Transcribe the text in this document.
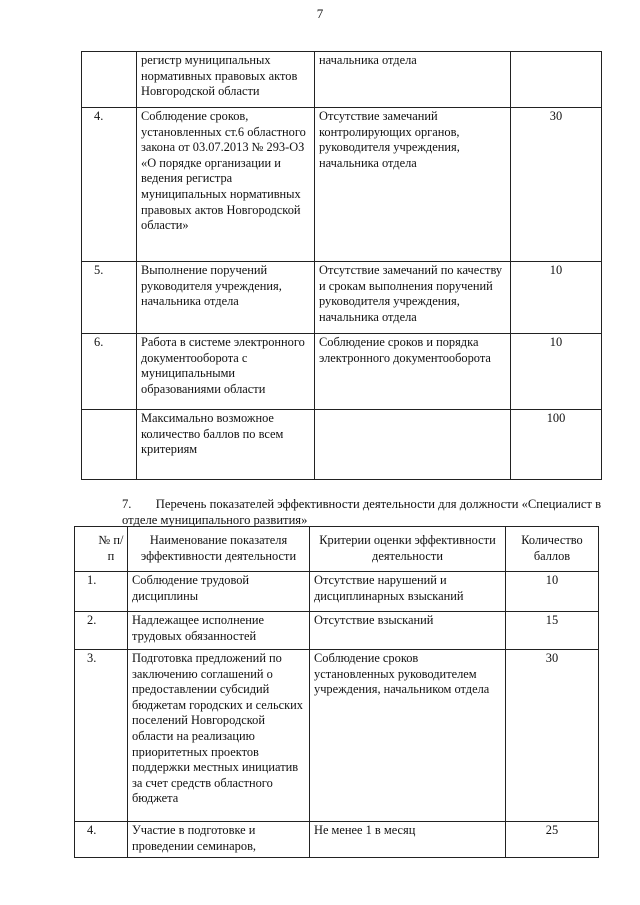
7
	регистр муниципальных нормативных правовых актов Новгородской области	начальника отдела	
4.	Соблюдение сроков, установленных ст.6 областного закона от 03.07.2013 № 293-ОЗ «О порядке организации и ведения регистра муниципальных нормативных правовых актов Новгородской области»	Отсутствие замечаний контролирующих органов, руководителя учреждения, начальника отдела	30
5.	Выполнение поручений руководителя учреждения, начальника отдела	Отсутствие замечаний по качеству и срокам выполнения поручений руководителя учреждения, начальника отдела	10
6.	Работа в системе электронного документооборота с муниципальными образованиями области	Соблюдение сроков и порядка электронного документооборота	10
	Максимально возможное количество баллов по всем критериям		100
7. Перечень показателей эффективности деятельности для должности «Специалист в отделе муниципального развития»
№ п/п	Наименование показателя эффективности деятельности	Критерии оценки эффективности деятельности	Количество баллов
1.	Соблюдение трудовой дисциплины	Отсутствие нарушений и дисциплинарных взысканий	10
2.	Надлежащее исполнение трудовых обязанностей	Отсутствие взысканий	15
3.	Подготовка предложений по заключению соглашений о предоставлении субсидий бюджетам городских и сельских поселений Новгородской области на реализацию приоритетных проектов поддержки местных инициатив за счет средств областного бюджета	Соблюдение сроков установленных руководителем учреждения, начальником отдела	30
4.	Участие в подготовке и проведении семинаров,	Не менее 1 в месяц	25
